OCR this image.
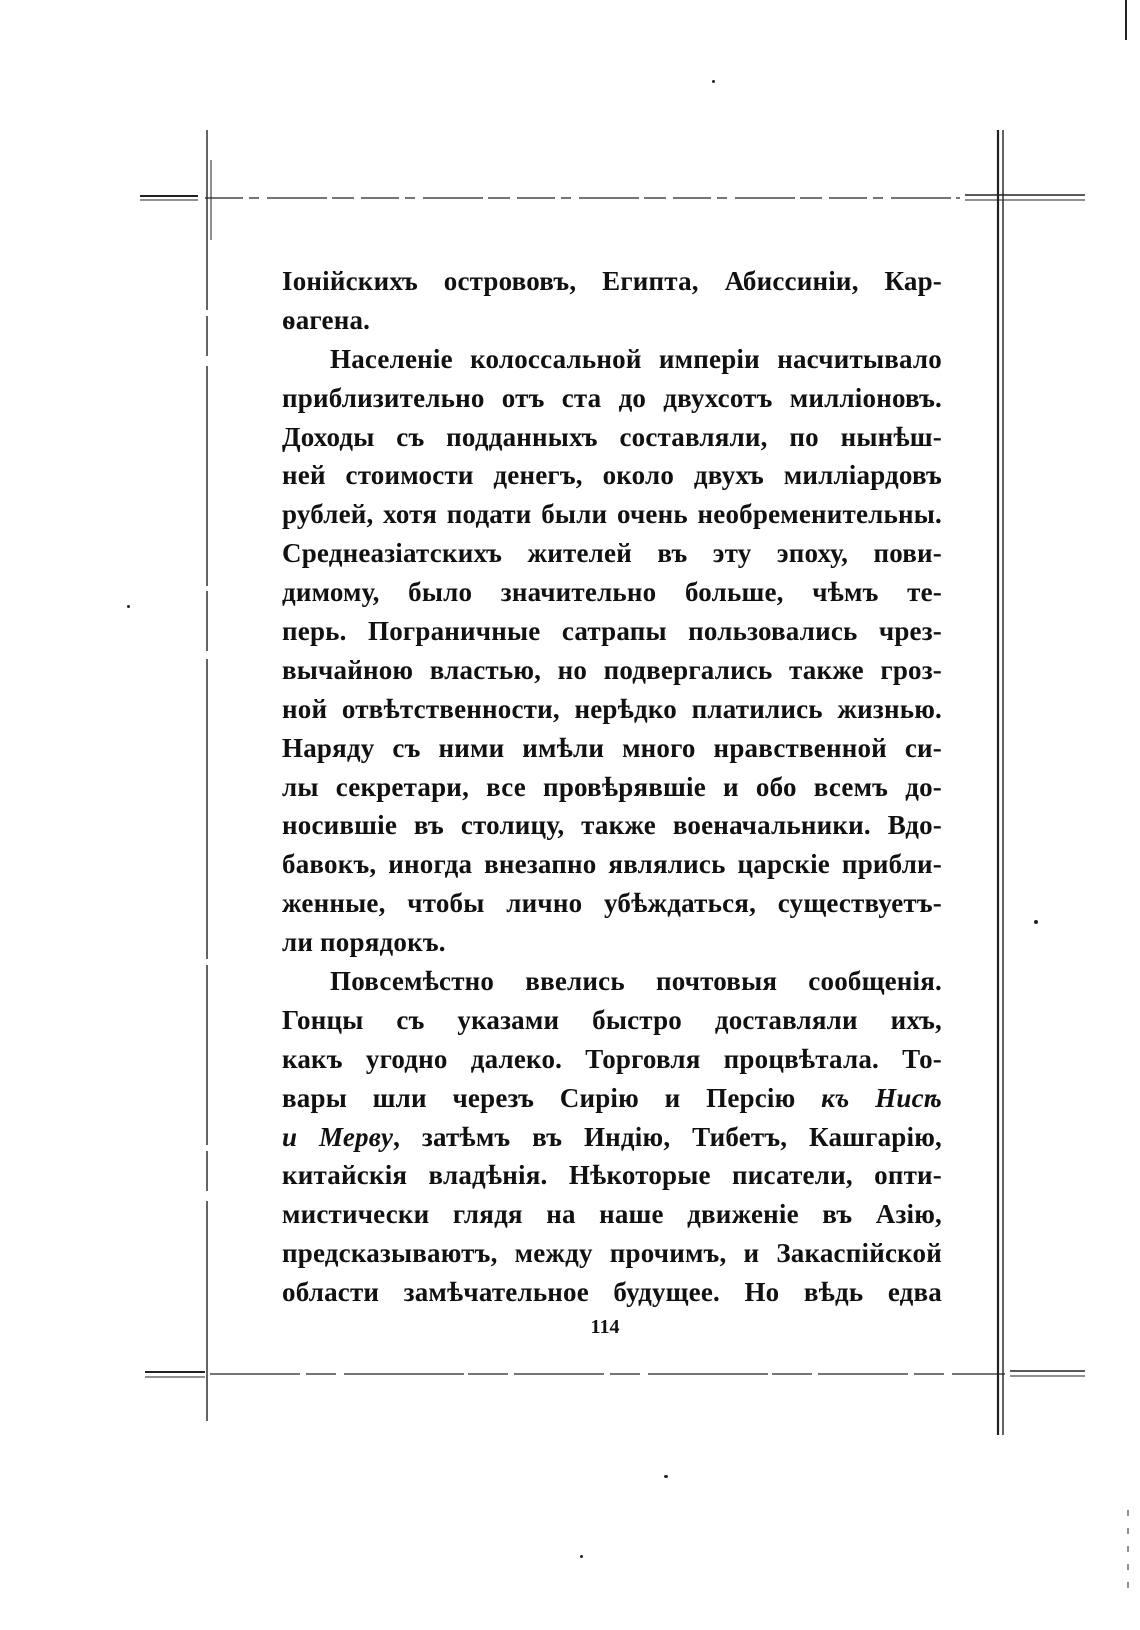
Іонійскихъ острововъ, Египта, Абиссиніи, Кар-
ѳагена.
Населеніе колоссальной имперіи насчитывало
приблизительно отъ ста до двухсотъ милліоновъ.
Доходы съ подданныхъ составляли, по нынѣш-
ней стоимости денегъ, около двухъ милліардовъ
рублей, хотя подати были очень необременительны.
Среднеазіатскихъ жителей въ эту эпоху, пови-
димому, было значительно больше, чѣмъ те-
перь. Пограничные сатрапы пользовались чрез-
вычайною властью, но подвергались также гроз-
ной отвѣтственности, нерѣдко платились жизнью.
Наряду съ ними имѣли много нравственной си-
лы секретари, все провѣрявшіе и обо всемъ до-
носившіе въ столицу, также военачальники. Вдо-
бавокъ, иногда внезапно являлись царскіе прибли-
женные, чтобы лично убѣждаться, существуетъ-
ли порядокъ.
Повсемѣстно ввелись почтовыя сообщенія.
Гонцы съ указами быстро доставляли ихъ,
какъ угодно далеко. Торговля процвѣтала. То-
вары шли черезъ Сирію и Персію къ Нисѣ
и Мерву, затѣмъ въ Индію, Тибетъ, Кашгарію,
китайскія владѣнія. Нѣкоторые писатели, опти-
мистически глядя на наше движеніе въ Азію,
предсказываютъ, между прочимъ, и Закаспійской
области замѣчательное будущее. Но вѣдь едва
114
